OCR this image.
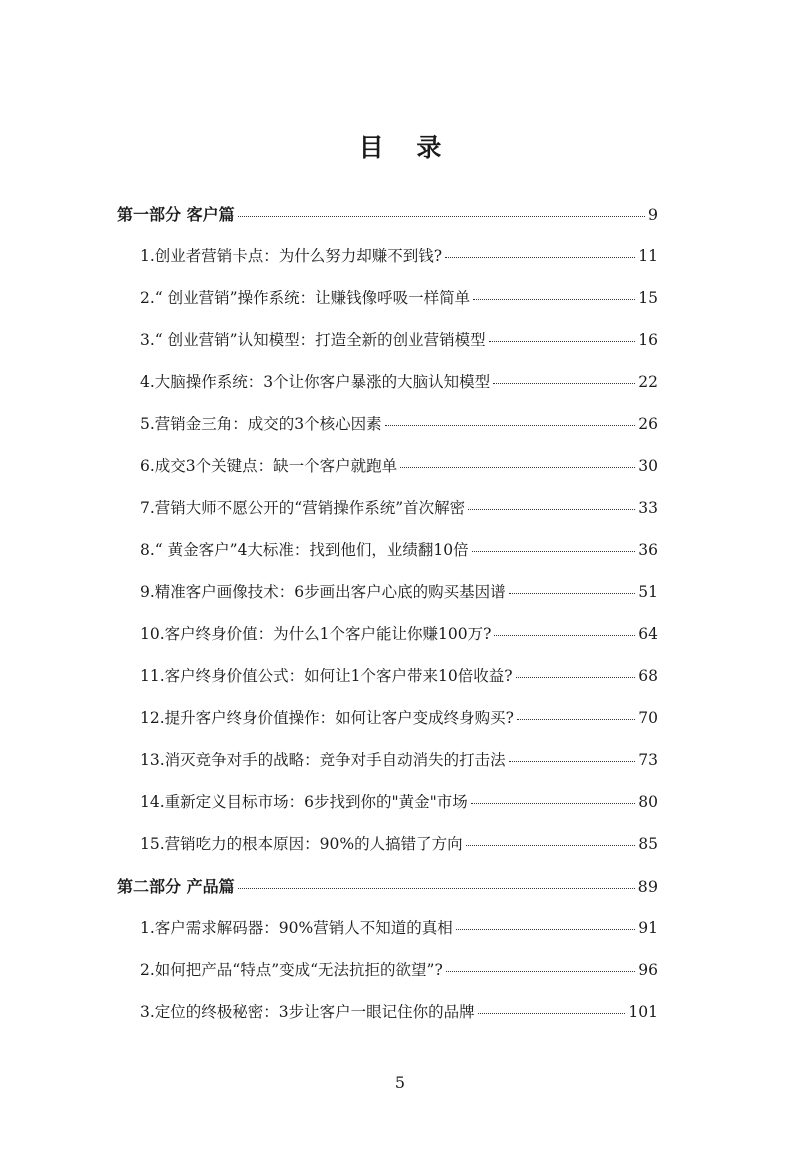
目 录
第一部分 客户篇	9
1.创业者营销卡点：为什么努力却赚不到钱?	11
2.“ 创业营销”操作系统：让赚钱像呼吸一样简单	15
3.“ 创业营销”认知模型：打造全新的创业营销模型	16
4.大脑操作系统：3个让你客户暴涨的大脑认知模型	22
5.营销金三角：成交的3个核心因素	26
6.成交3个关键点：缺一个客户就跑单	30
7.营销大师不愿公开的“营销操作系统”首次解密	33
8.“ 黄金客户”4大标准：找到他们，业绩翻10倍	36
9.精准客户画像技术：6步画出客户心底的购买基因谱	51
10.客户终身价值：为什么1个客户能让你赚100万?	64
11.客户终身价值公式：如何让1个客户带来10倍收益?	68
12.提升客户终身价值操作：如何让客户变成终身购买?	70
13.消灭竞争对手的战略：竞争对手自动消失的打击法	73
14.重新定义目标市场：6步找到你的"黄金"市场	80
15.营销吃力的根本原因：90%的人搞错了方向	85
第二部分 产品篇	89
1.客户需求解码器：90%营销人不知道的真相	91
2.如何把产品“特点”变成“无法抗拒的欲望”?	96
3.定位的终极秘密：3步让客户一眼记住你的品牌	101
5
